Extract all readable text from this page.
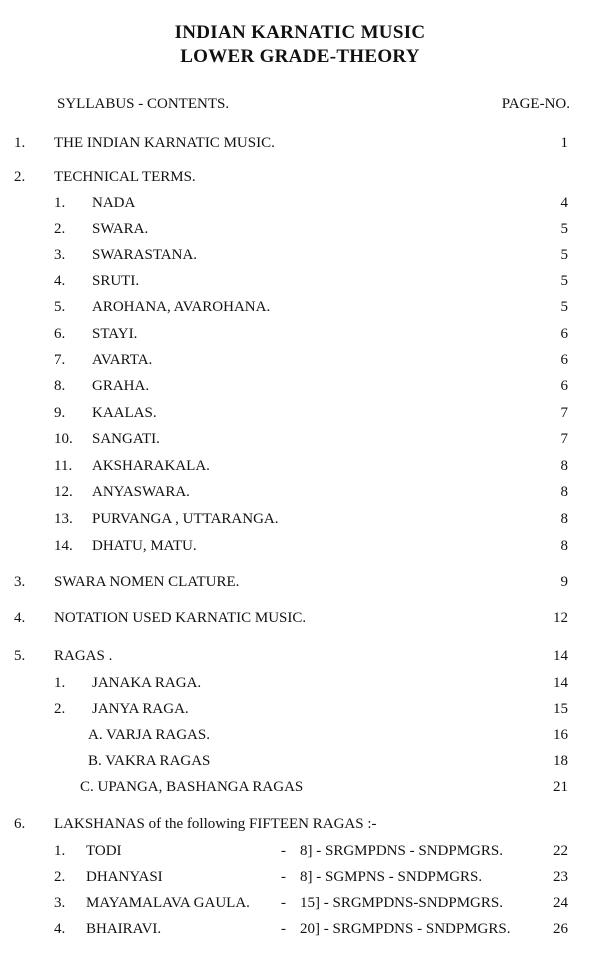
INDIAN KARNATIC MUSIC
LOWER GRADE-THEORY
SYLLABUS - CONTENTS.	PAGE-NO.
1. THE INDIAN KARNATIC MUSIC.	1
2. TECHNICAL TERMS.
1. NADA	4
2. SWARA.	5
3. SWARASTANA.	5
4. SRUTI.	5
5. AROHANA, AVAROHANA.	5
6. STAYI.	6
7. AVARTA.	6
8. GRAHA.	6
9. KAALAS.	7
10. SANGATI.	7
11. AKSHARAKALA.	8
12. ANYASWARA.	8
13. PURVANGA , UTTARANGA.	8
14. DHATU, MATU.	8
3. SWARA NOMEN CLATURE.	9
4. NOTATION USED KARNATIC MUSIC.	12
5. RAGAS .	14
1. JANAKA RAGA.	14
2. JANYA RAGA.	15
A. VARJA RAGAS.	16
B. VAKRA RAGAS	18
C. UPANGA, BASHANGA RAGAS	21
6. LAKSHANAS of the following FIFTEEN RAGAS :-
1. TODI	- 8] - SRGMPDNS - SNDPMGRS.	22
2. DHANYASI	- 8] - SGMPNS - SNDPMGRS.	23
3. MAYAMALAVA GAULA. - 15] - SRGMPDNS-SNDPMGRS.	24
4. BHAIRAVI.	- 20] - SRGMPDNS - SNDPMGRS.	26
